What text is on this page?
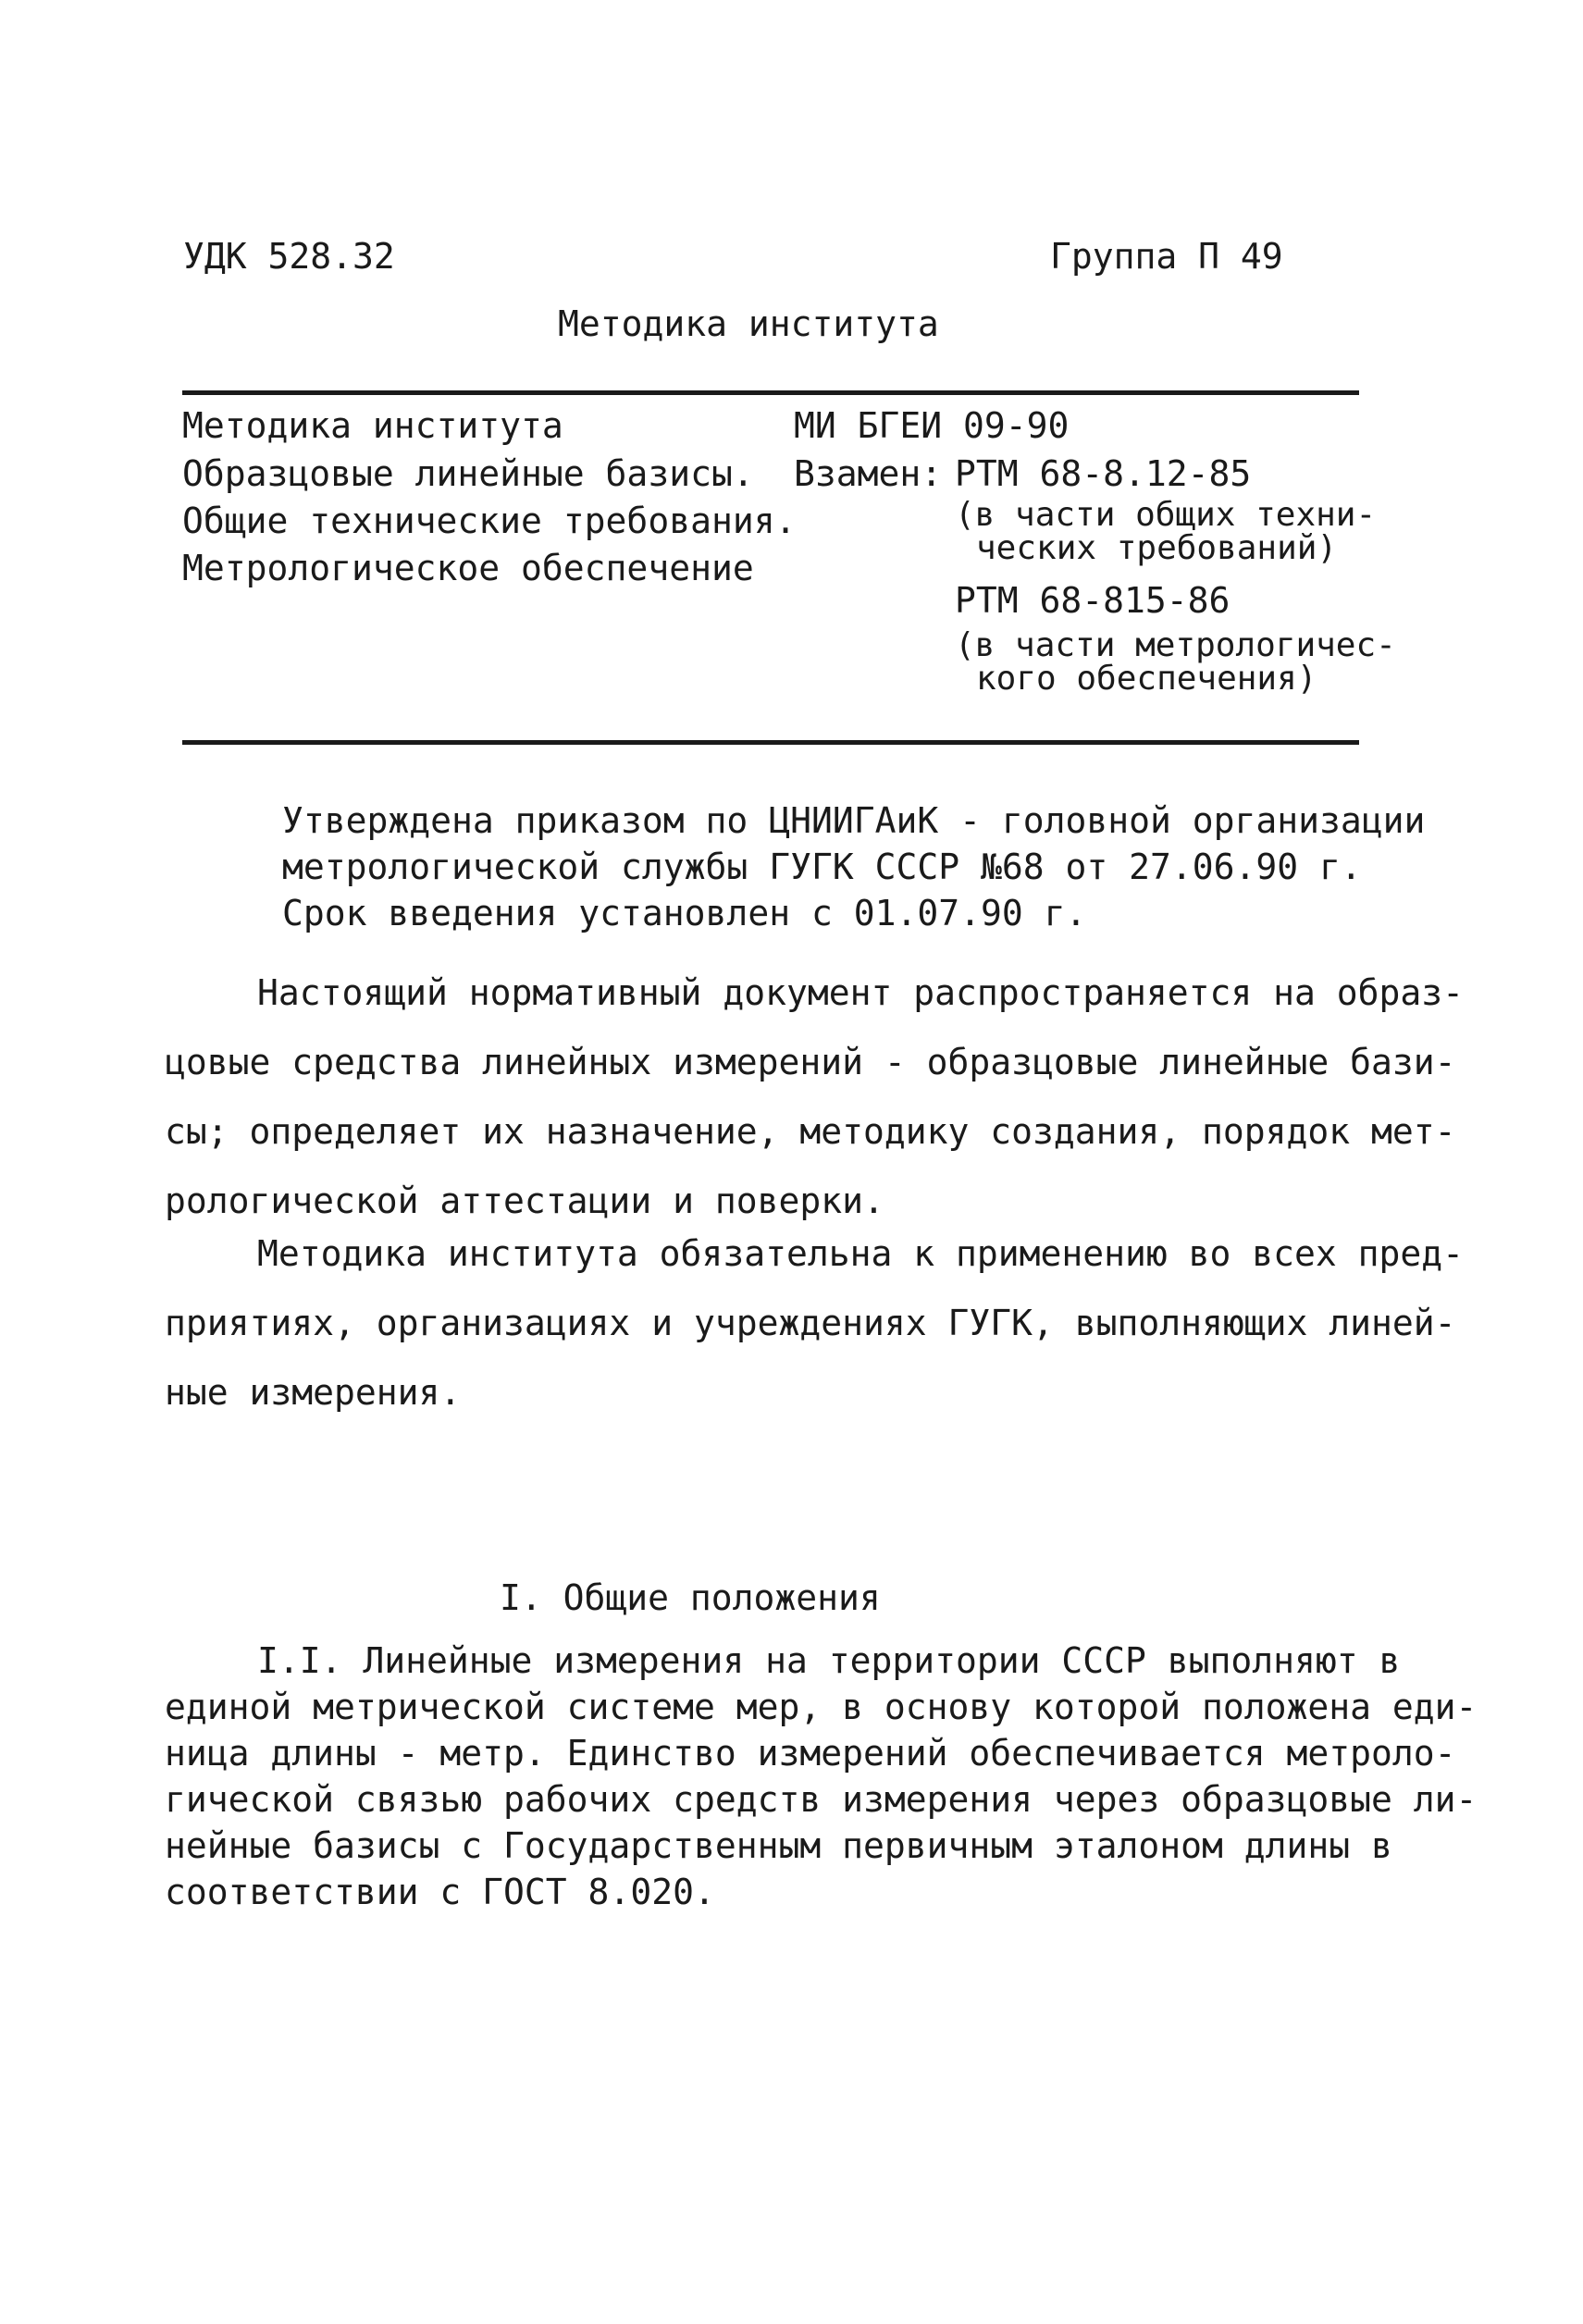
УДК 528.32	Группа П 49
Методика института
Методика института
Образцовые линейные базисы.
Общие технические требования.
Метрологическое обеспечение
МИ БГЕИ 09-90
Взамен: РТМ 68-8.12-85
(в части общих техни-
ческих требований)
РТМ 68-815-86
(в части метрологичес-
кого обеспечения)
Утверждена приказом по ЦНИИГАиК - головной организации
метрологической службы ГУГК СССР №68 от 27.06.90 г.
Срок введения установлен с 01.07.90 г.
Настоящий нормативный документ распространяется на образ-
цовые средства линейных измерений - образцовые линейные бази-
сы; определяет их назначение, методику создания, порядок мет-
рологической аттестации и поверки.
Методика института обязательна к применению во всех пред-
приятиях, организациях и учреждениях ГУГК, выполняющих линей-
ные измерения.
I. Общие положения
I.I. Линейные измерения на территории СССР выполняют в
единой метрической системе мер, в основу которой положена еди-
ница длины - метр. Единство измерений обеспечивается метроло-
гической связью рабочих средств измерения через образцовые ли-
нейные базисы с Государственным первичным эталоном длины в
соответствии с ГОСТ 8.020.
